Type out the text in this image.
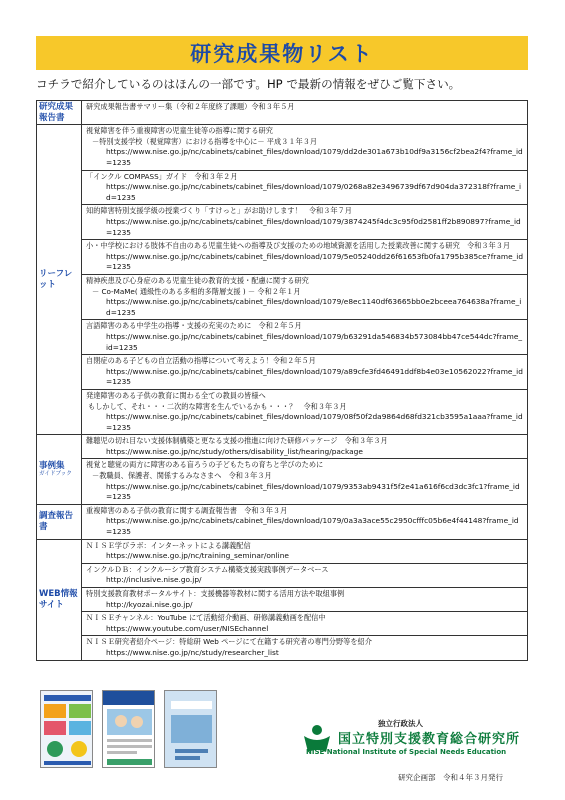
研究成果物リスト
コチラで紹介しているのはほんの一部です。HP で最新の情報をぜひご覧下さい。
研究成果報告書	研究成果報告書サマリー集（令和２年度終了課題）令和３年５月

リーフレット	視覚障害を伴う重複障害の児童生徒等の指導に関する研究
－特別支援学校（視覚障害）における指導を中心に－ 平成３１年３月
https://www.nise.go.jp/nc/cabinets/cabinet_files/download/1079/dd2de301a673b10df9a3156cf2bea2f4?frame_id=1235

	「インクル COMPASS」ガイド　令和３年２月
https://www.nise.go.jp/nc/cabinets/cabinet_files/download/1079/0268a82e3496739df67d904da372318f?frame_id=1235

	知的障害特別支援学級の授業づくり「すけっと」がお助けします！　令和３年７月
https://www.nise.go.jp/nc/cabinets/cabinet_files/download/1079/3874245f4dc3c95f0d2581ff2b890897?frame_id=1235

	小・中学校における肢体不自由のある児童生徒への指導及び支援のための地域資源を活用した授業改善に関する研究　令和３年３月
https://www.nise.go.jp/nc/cabinets/cabinet_files/download/1079/5e05240dd26f61653fb0fa1795b385ce?frame_id=1235

	精神疾患及び心身症のある児童生徒の教育的支援・配慮に関する研究
－ Co-MaMe( 通級性のある多相的多階層支援 ) － 令和２年１月
https://www.nise.go.jp/nc/cabinets/cabinet_files/download/1079/e8ec1140df63665bb0e2bceea764638a?frame_id=1235

	言語障害のある中学生の指導・支援の充実のために　令和２年５月
https://www.nise.go.jp/nc/cabinets/cabinet_files/download/1079/b63291da546834b573084bb47ce544dc?frame_id=1235

	自閉症のある子どもの自立活動の指導について考えよう！令和２年５月
https://www.nise.go.jp/nc/cabinets/cabinet_files/download/1079/a89cfe3fd46491ddf8b4e03e10562022?frame_id=1235

	発達障害のある子供の教育に関わる全ての教員の皆様へ
もしかして、それ・・・二次的な障害を生んでいるかも・・・？　令和３年３月
https://www.nise.go.jp/nc/cabinets/cabinet_files/download/1079/08f50f2da9864d68fd321cb3595a1aaa?frame_id=1235

事例集
ガイドブック	難聴児の切れ目ない支援体制構築と更なる支援の推進に向けた研修パッケージ　令和３年３月
https://www.nise.go.jp/nc/study/others/disability_list/hearing/package

	視覚と聴覚の両方に障害のある盲ろうの子どもたちの育ちと学びのために
－教職員、保護者、関係するみなさまへ　令和３年３月
https://www.nise.go.jp/nc/cabinets/cabinet_files/download/1079/9353ab9431f5f2e41a616f6cd3dc3fc1?frame_id=1235

調査報告書	重複障害のある子供の教育に関する調査報告書　令和３年３月
https://www.nise.go.jp/nc/cabinets/cabinet_files/download/1079/0a3a3ace55c2950cfffc05b6e4f44148?frame_id=1235

WEB情報サイト	ＮＩＳＥ学びラボ：インターネットによる講義配信
https://www.nise.go.jp/nc/training_seminar/online

	インクルＤＢ：インクルーシブ教育システム構築支援実践事例データベース
http://inclusive.nise.go.jp/

	特別支援教育教材ポータルサイト：支援機器等教材に関する活用方法や取組事例
http://kyozai.nise.go.jp/

	ＮＩＳＥチャンネル：YouTube にて活動紹介動画、研修講義動画を配信中
https://www.youtube.com/user/NISEchannel

	ＮＩＳＥ研究者紹介ページ：特総研 Web ページにて在籍する研究者の専門分野等を紹介
https://www.nise.go.jp/nc/study/researcher_list
独立行政法人
国立特別支援教育総合研究所
NISE National Institute of Special Needs Education
研究企画部　令和４年３月発行
